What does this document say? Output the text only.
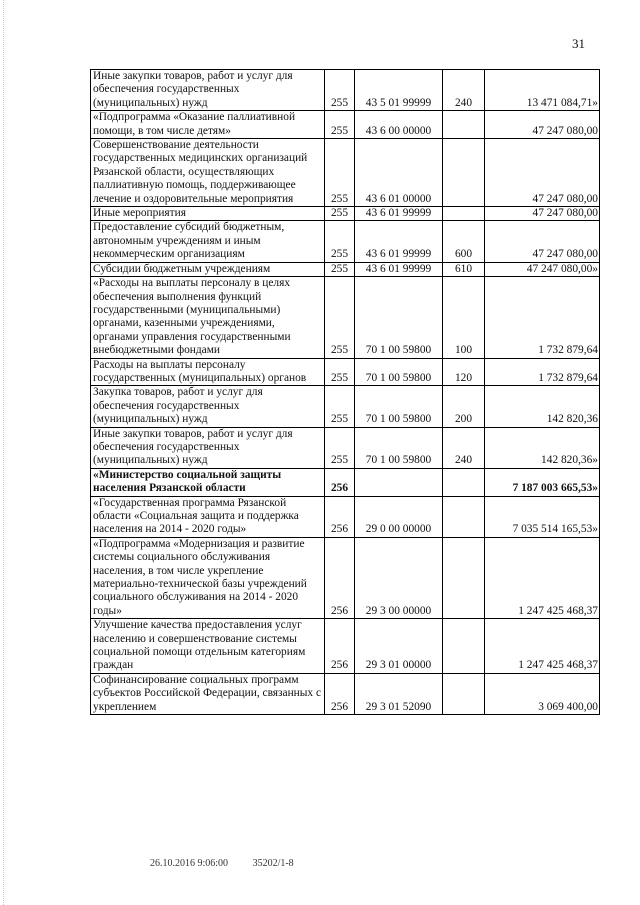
31
Иные закупки товаров, работ и услуг для обеспечения государственных (муниципальных) нужд	255	43 5 01 99999	240	13 471 084,71»
«Подпрограмма «Оказание паллиативной помощи, в том числе детям»	255	43 6 00 00000		47 247 080,00
Совершенствование деятельности государственных медицинских организаций Рязанской области, осуществляющих паллиативную помощь, поддерживающее лечение и оздоровительные мероприятия	255	43 6 01 00000		47 247 080,00
Иные мероприятия	255	43 6 01 99999		47 247 080,00
Предоставление субсидий бюджетным, автономным учреждениям и иным некоммерческим организациям	255	43 6 01 99999	600	47 247 080,00
Субсидии бюджетным учреждениям	255	43 6 01 99999	610	47 247 080,00»
«Расходы на выплаты персоналу в целях обеспечения выполнения функций государственными (муниципальными) органами, казенными учреждениями, органами управления государственными внебюджетными фондами	255	70 1 00 59800	100	1 732 879,64
Расходы на выплаты персоналу государственных (муниципальных) органов	255	70 1 00 59800	120	1 732 879,64
Закупка товаров, работ и услуг для обеспечения государственных (муниципальных) нужд	255	70 1 00 59800	200	142 820,36
Иные закупки товаров, работ и услуг для обеспечения государственных (муниципальных) нужд	255	70 1 00 59800	240	142 820,36»
«Министерство социальной защиты населения Рязанской области	256			7 187 003 665,53»
«Государственная программа Рязанской области «Социальная защита и поддержка населения на 2014 - 2020 годы»	256	29 0 00 00000		7 035 514 165,53»
«Подпрограмма «Модернизация и развитие системы социального обслуживания населения, в том числе укрепление материально-технической базы учреждений социального обслуживания на 2014 - 2020 годы»	256	29 3 00 00000		1 247 425 468,37
Улучшение качества предоставления услуг населению и совершенствование системы социальной помощи отдельным категориям граждан	256	29 3 01 00000		1 247 425 468,37
Софинансирование социальных программ субъектов Российской Федерации, связанных с укреплением	256	29 3 01 52090		3 069 400,00
26.10.2016 9:06:00 35202/1-8
